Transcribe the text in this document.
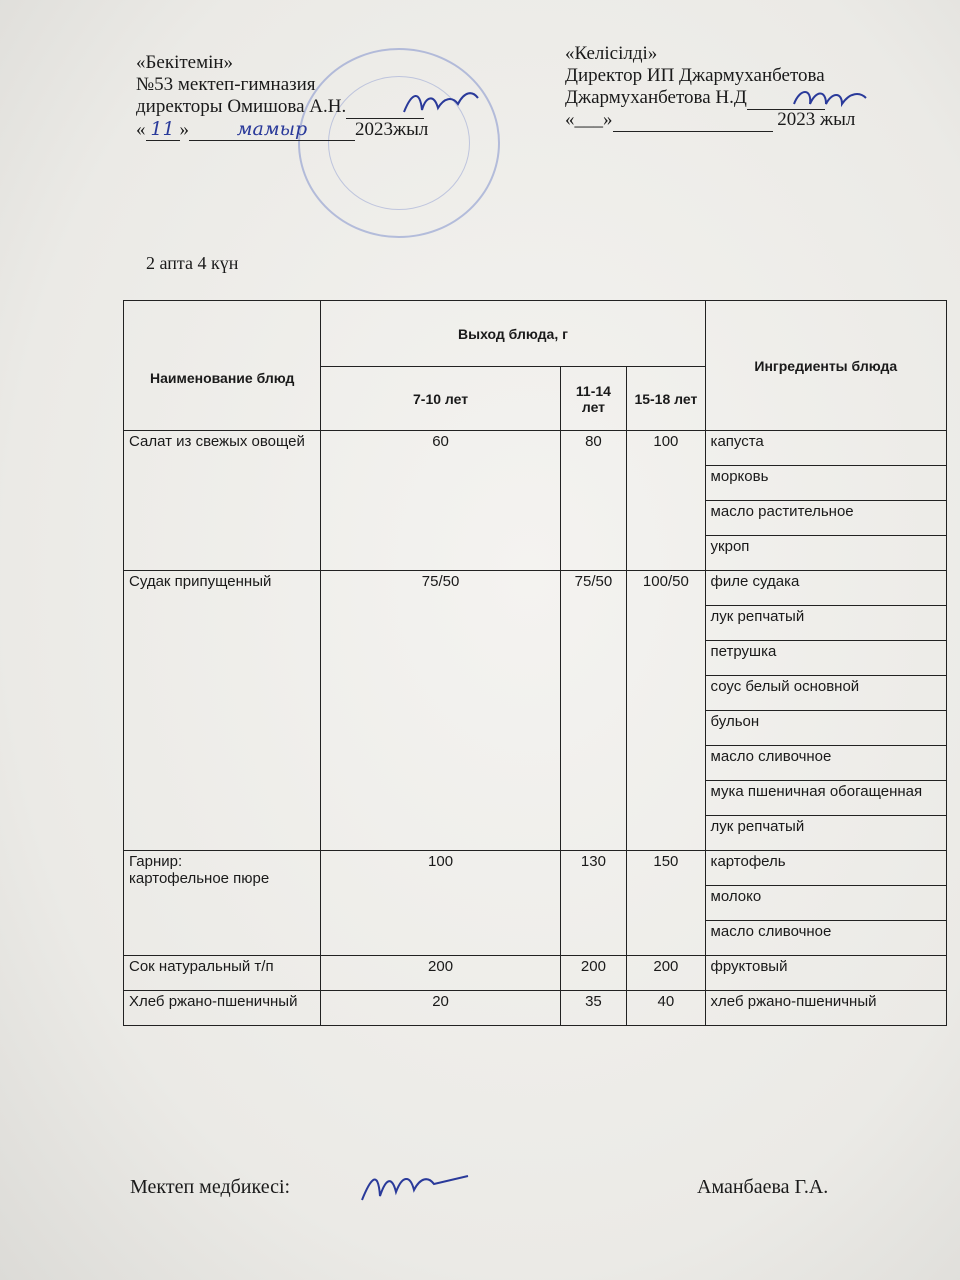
«Бекітемін»
№53 мектеп-гимназия
директоры Омишова А.Н.
« 11 »	мамыр	2023жыл
«Келісілді»
Директор ИП Джармуханбетова
Джармуханбетова Н.Д
«___»	2023 жыл
2 апта 4 күн
Наименование блюд	Выход блюда, г			Ингредиенты блюда
	7-10 лет	11-14 лет	15-18 лет	
Салат из свежых овощей	60	80	100	капуста
				морковь
				масло растительное
				укроп
Судак припущенный	75/50	75/50	100/50	филе судака
				лук репчатый
				петрушка
				соус белый основной
				бульон
				масло сливочное
				мука пшеничная обогащенная
				лук репчатый
Гарнир:
картофельное пюре	100	130	150	картофель
				молоко
				масло сливочное
Сок натуральный т/п	200	200	200	фруктовый
Хлеб ржано-пшеничный	20	35	40	хлеб ржано-пшеничный
Мектеп медбикесі:	Аманбаева Г.А.
